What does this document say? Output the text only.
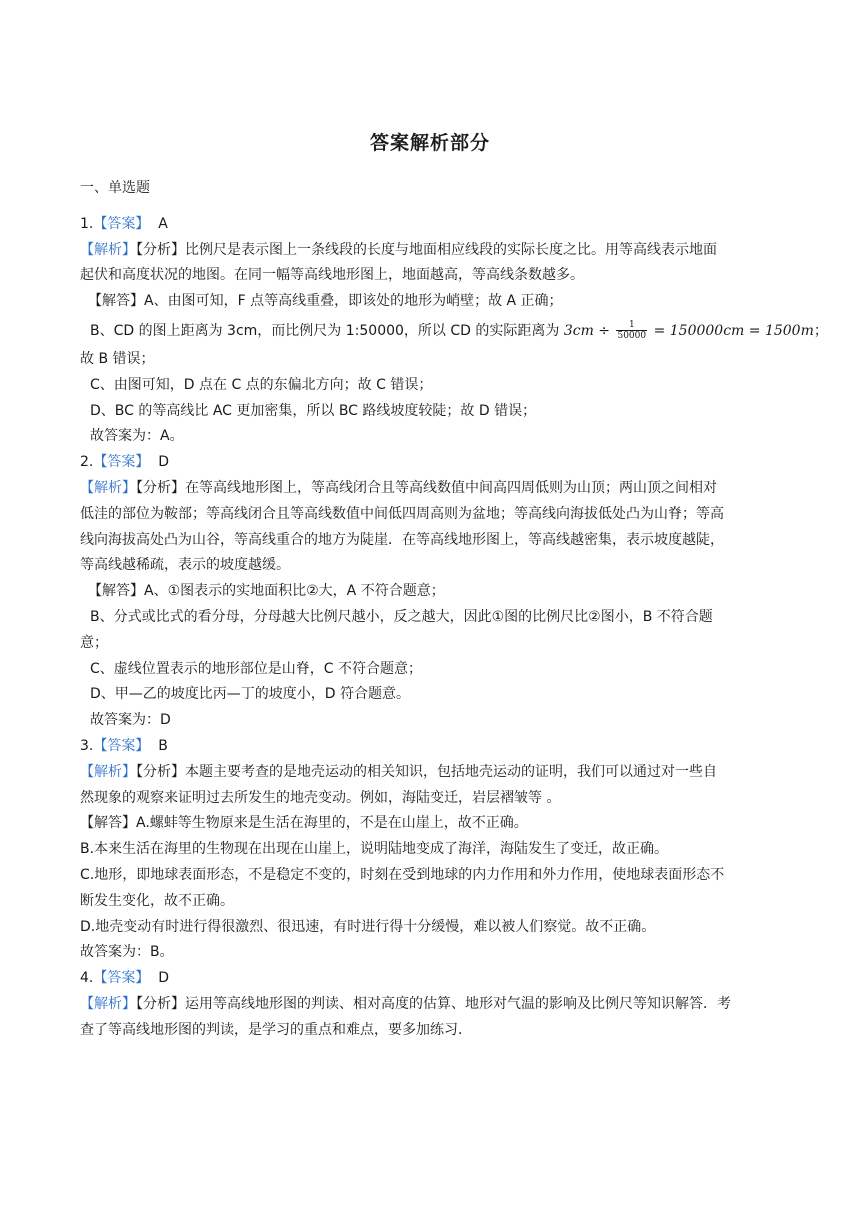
答案解析部分
一、单选题
1.【答案】 A
【解析】【分析】比例尺是表示图上一条线段的长度与地面相应线段的实际长度之比。用等高线表示地面
起伏和高度状况的地图。在同一幅等高线地形图上，地面越高，等高线条数越多。
【解答】A、由图可知，F 点等高线重叠，即该处的地形为峭壁；故 A 正确；
B、CD 的图上距离为 3cm，而比例尺为 1:50000，所以 CD 的实际距离为 $3cm \div \frac{1}{50000} = 150000cm = 1500m$；
故 B 错误；
C、由图可知，D 点在 C 点的东偏北方向；故 C 错误；
D、BC 的等高线比 AC 更加密集，所以 BC 路线坡度较陡；故 D 错误；
故答案为：A。
2.【答案】 D
【解析】【分析】在等高线地形图上，等高线闭合且等高线数值中间高四周低则为山顶；两山顶之间相对
低洼的部位为鞍部；等高线闭合且等高线数值中间低四周高则为盆地；等高线向海拔低处凸为山脊；等高
线向海拔高处凸为山谷，等高线重合的地方为陡崖．在等高线地形图上，等高线越密集，表示坡度越陡，
等高线越稀疏，表示的坡度越缓。
【解答】A、①图表示的实地面积比②大，A 不符合题意；
B、分式或比式的看分母，分母越大比例尺越小，反之越大，因此①图的比例尺比②图小，B 不符合题
意；
C、虚线位置表示的地形部位是山脊，C 不符合题意；
D、甲—乙的坡度比丙—丁的坡度小，D 符合题意。
故答案为：D
3.【答案】 B
【解析】【分析】本题主要考查的是地壳运动的相关知识，包括地壳运动的证明，我们可以通过对一些自
然现象的观察来证明过去所发生的地壳变动。例如，海陆变迁，岩层褶皱等 。
【解答】A.螺蚌等生物原来是生活在海里的，不是在山崖上，故不正确。
B.本来生活在海里的生物现在出现在山崖上，说明陆地变成了海洋，海陆发生了变迁，故正确。
C.地形，即地球表面形态，不是稳定不变的，时刻在受到地球的内力作用和外力作用，使地球表面形态不
断发生变化，故不正确。
D.地壳变动有时进行得很激烈、很迅速，有时进行得十分缓慢，难以被人们察觉。故不正确。
故答案为：B。
4.【答案】 D
【解析】【分析】运用等高线地形图的判读、相对高度的估算、地形对气温的影响及比例尺等知识解答．考
查了等高线地形图的判读，是学习的重点和难点，要多加练习．
